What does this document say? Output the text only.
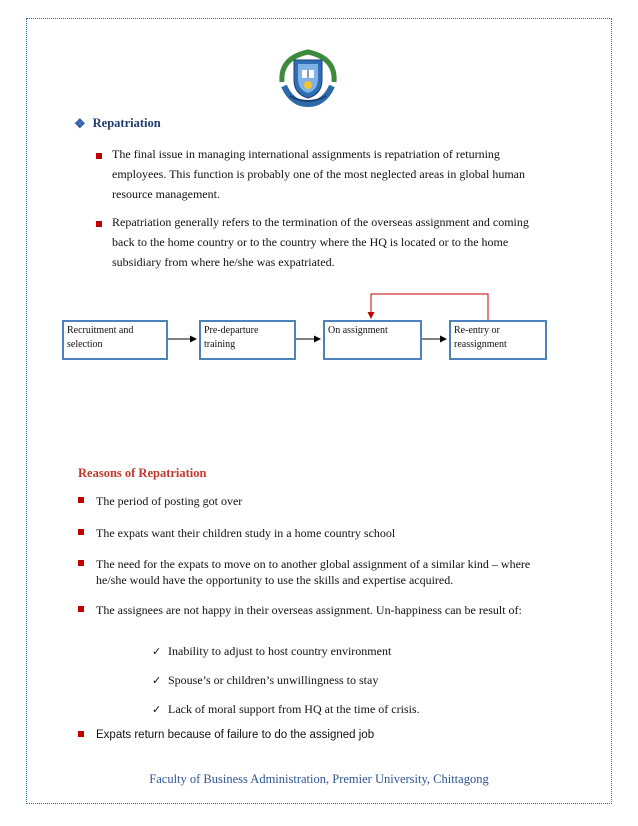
❖ Repatriation
The final issue in managing international assignments is repatriation of returning
employees. This function is probably one of the most neglected areas in global human
resource management.
Repatriation generally refers to the termination of the overseas assignment and coming
back to the home country or to the country where the HQ is located or to the home
subsidiary from where he/she was expatriated.
Recruitment and
selection
Pre-departure
training
On assignment	Re-entry or
reassignment
Reasons of Repatriation
The period of posting got over
The expats want their children study in a home country school
The need for the expats to move on to another global assignment of a similar kind – where
he/she would have the opportunity to use the skills and expertise acquired.
The assignees are not happy in their overseas assignment. Un-happiness can be result of:
✓ Inability to adjust to host country environment
✓ Spouse’s or children’s unwillingness to stay
✓ Lack of moral support from HQ at the time of crisis.
Expats return because of failure to do the assigned job
Faculty of Business Administration, Premier University, Chittagong
